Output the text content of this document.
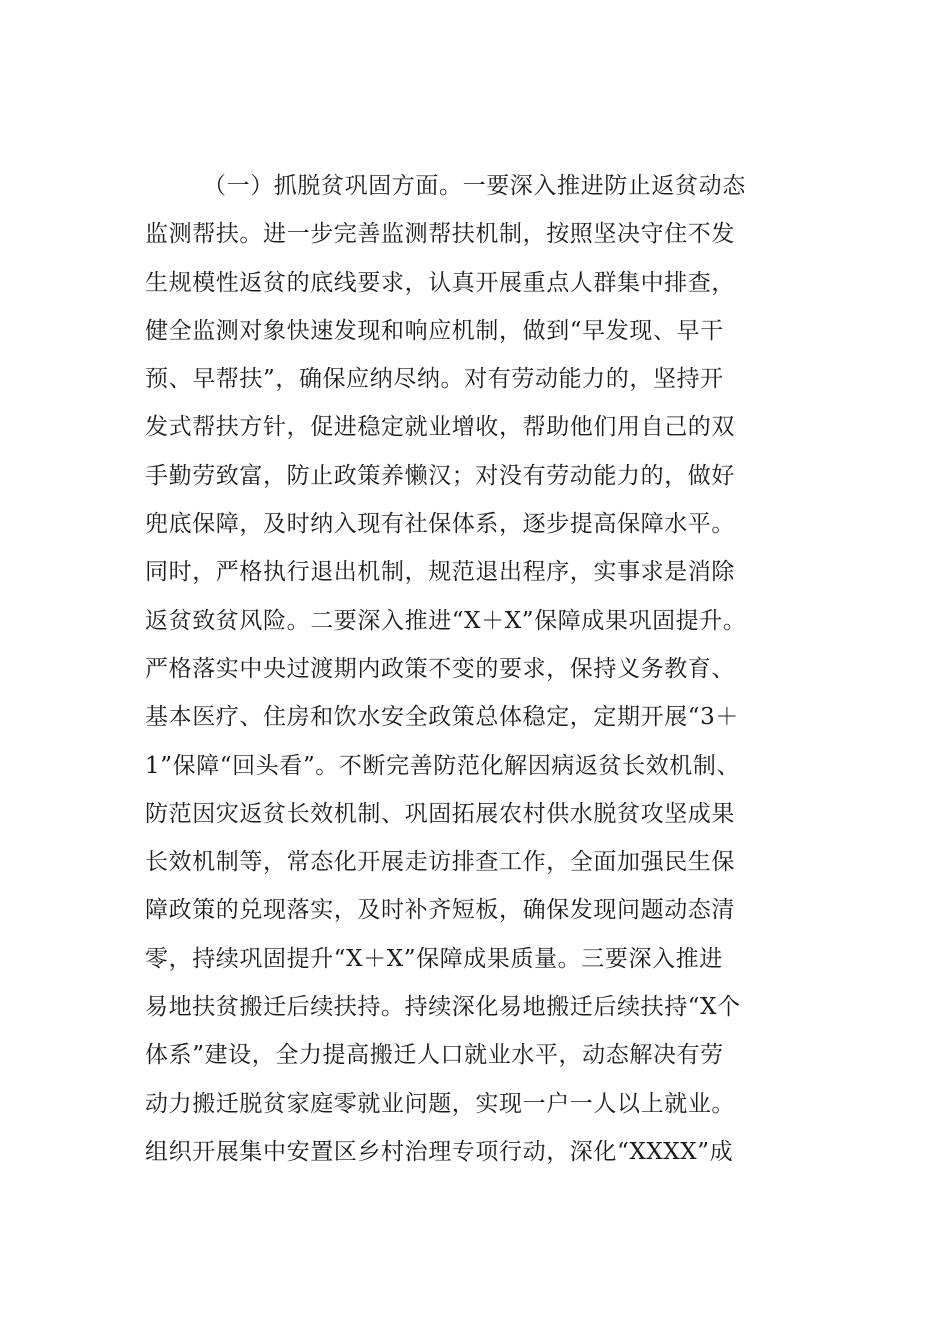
（一）抓脱贫巩固方面。一要深入推进防止返贫动态
监测帮扶。进一步完善监测帮扶机制，按照坚决守住不发
生规模性返贫的底线要求，认真开展重点人群集中排查，
健全监测对象快速发现和响应机制，做到“早发现、早干
预、早帮扶”，确保应纳尽纳。对有劳动能力的，坚持开
发式帮扶方针，促进稳定就业增收，帮助他们用自己的双
手勤劳致富，防止政策养懒汉；对没有劳动能力的，做好
兜底保障，及时纳入现有社保体系，逐步提高保障水平。
同时，严格执行退出机制，规范退出程序，实事求是消除
返贫致贫风险。二要深入推进“X＋X”保障成果巩固提升。
严格落实中央过渡期内政策不变的要求，保持义务教育、
基本医疗、住房和饮水安全政策总体稳定，定期开展“3＋
1”保障“回头看”。不断完善防范化解因病返贫长效机制、
防范因灾返贫长效机制、巩固拓展农村供水脱贫攻坚成果
长效机制等，常态化开展走访排查工作，全面加强民生保
障政策的兑现落实，及时补齐短板，确保发现问题动态清
零，持续巩固提升“X＋X”保障成果质量。三要深入推进
易地扶贫搬迁后续扶持。持续深化易地搬迁后续扶持“X个
体系”建设，全力提高搬迁人口就业水平，动态解决有劳
动力搬迁脱贫家庭零就业问题，实现一户一人以上就业。
组织开展集中安置区乡村治理专项行动，深化“XXXX”成
